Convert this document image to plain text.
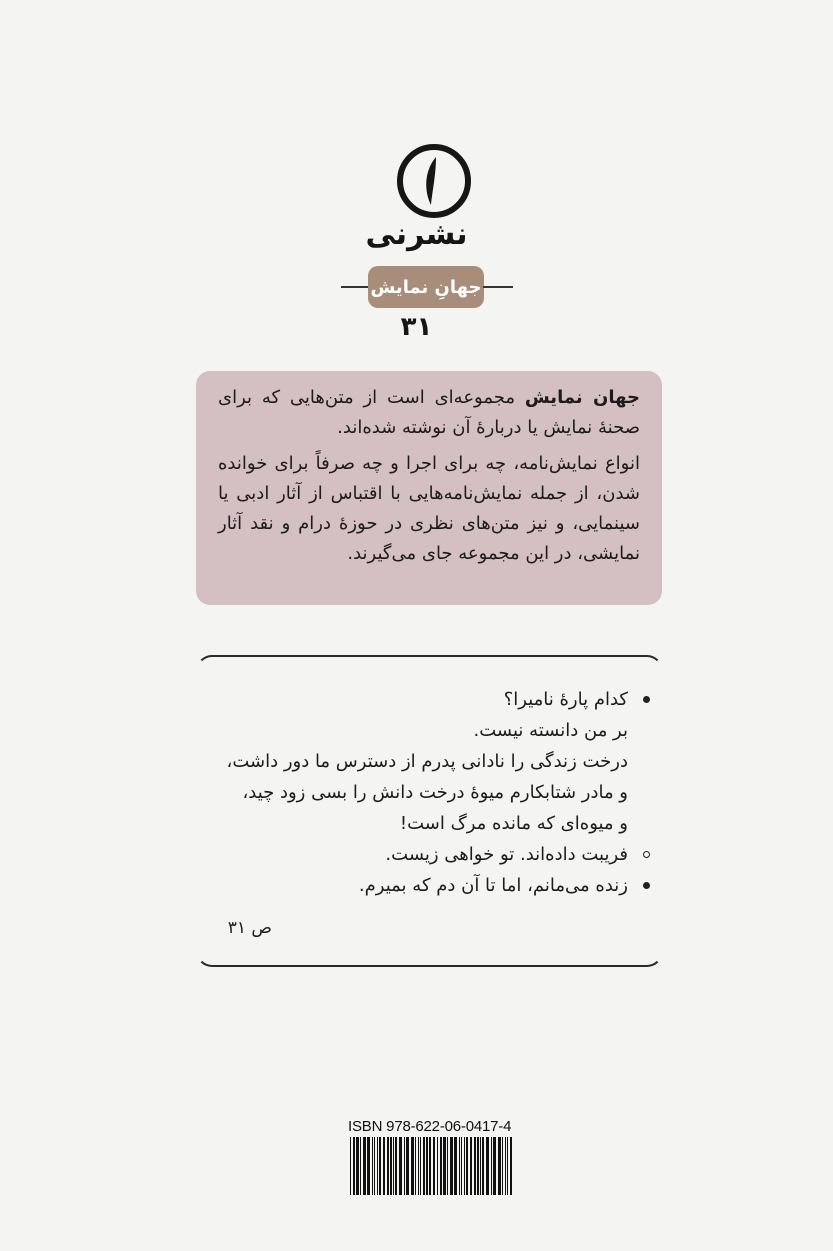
نشرنی
جهانِ نمایش
۳۱

جهان نمایش مجموعه‌ای است از متن‌هایی که برای صحنهٔ نمایش یا دربارهٔ آن نوشته شده‌اند.

انواع نمایش‌نامه، چه برای اجرا و چه صرفاً برای خوانده شدن، از جمله نمایش‌نامه‌هایی با اقتباس از آثار ادبی یا سینمایی، و نیز متن‌های نظری در حوزهٔ درام و نقد آثار نمایشی، در این مجموعه جای می‌گیرند.

کدام پارهٔ نامیرا؟
بر من دانسته نیست.
درخت زندگی را نادانی پدرم از دسترس ما دور داشت،
و مادر شتابکارم میوهٔ درخت دانش را بسی زود چید،
و میوه‌ای که مانده مرگ است!
فریبت داده‌اند. تو خواهی زیست.
زنده می‌مانم، اما تا آن دم که بمیرم.
ص ۳۱
ISBN 978-622-06-0417-4
